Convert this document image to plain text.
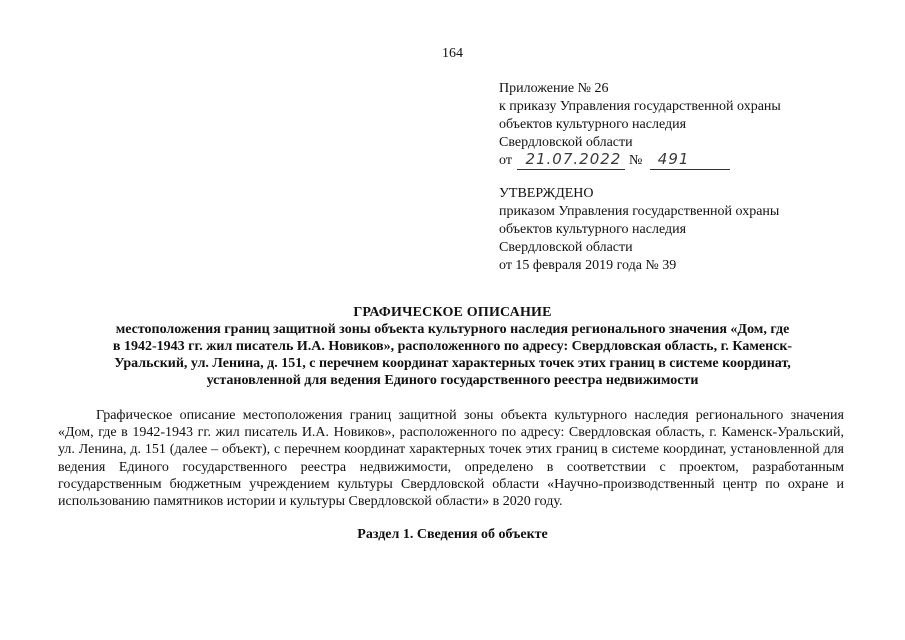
164
Приложение № 26
к приказу Управления государственной охраны
объектов культурного наследия
Свердловской области
от 21.07.2022 № 491
УТВЕРЖДЕНО
приказом Управления государственной охраны
объектов культурного наследия
Свердловской области
от 15 февраля 2019 года № 39
ГРАФИЧЕСКОЕ ОПИСАНИЕ
местоположения границ защитной зоны объекта культурного наследия регионального значения «Дом, где
в 1942-1943 гг. жил писатель И.А. Новиков», расположенного по адресу: Свердловская область, г. Каменск-
Уральский, ул. Ленина, д. 151, с перечнем координат характерных точек этих границ в системе координат,
установленной для ведения Единого государственного реестра недвижимости
Графическое описание местоположения границ защитной зоны объекта культурного наследия регионального значения «Дом, где в 1942-1943 гг. жил писатель И.А. Новиков», расположенного по адресу: Свердловская область, г. Каменск-Уральский, ул. Ленина, д. 151 (далее – объект), с перечнем координат характерных точек этих границ в системе координат, установленной для ведения Единого государственного реестра недвижимости, определено в соответствии с проектом, разработанным государственным бюджетным учреждением культуры Свердловской области «Научно-производственный центр по охране и использованию памятников истории и культуры Свердловской области» в 2020 году.
Раздел 1. Сведения об объекте
